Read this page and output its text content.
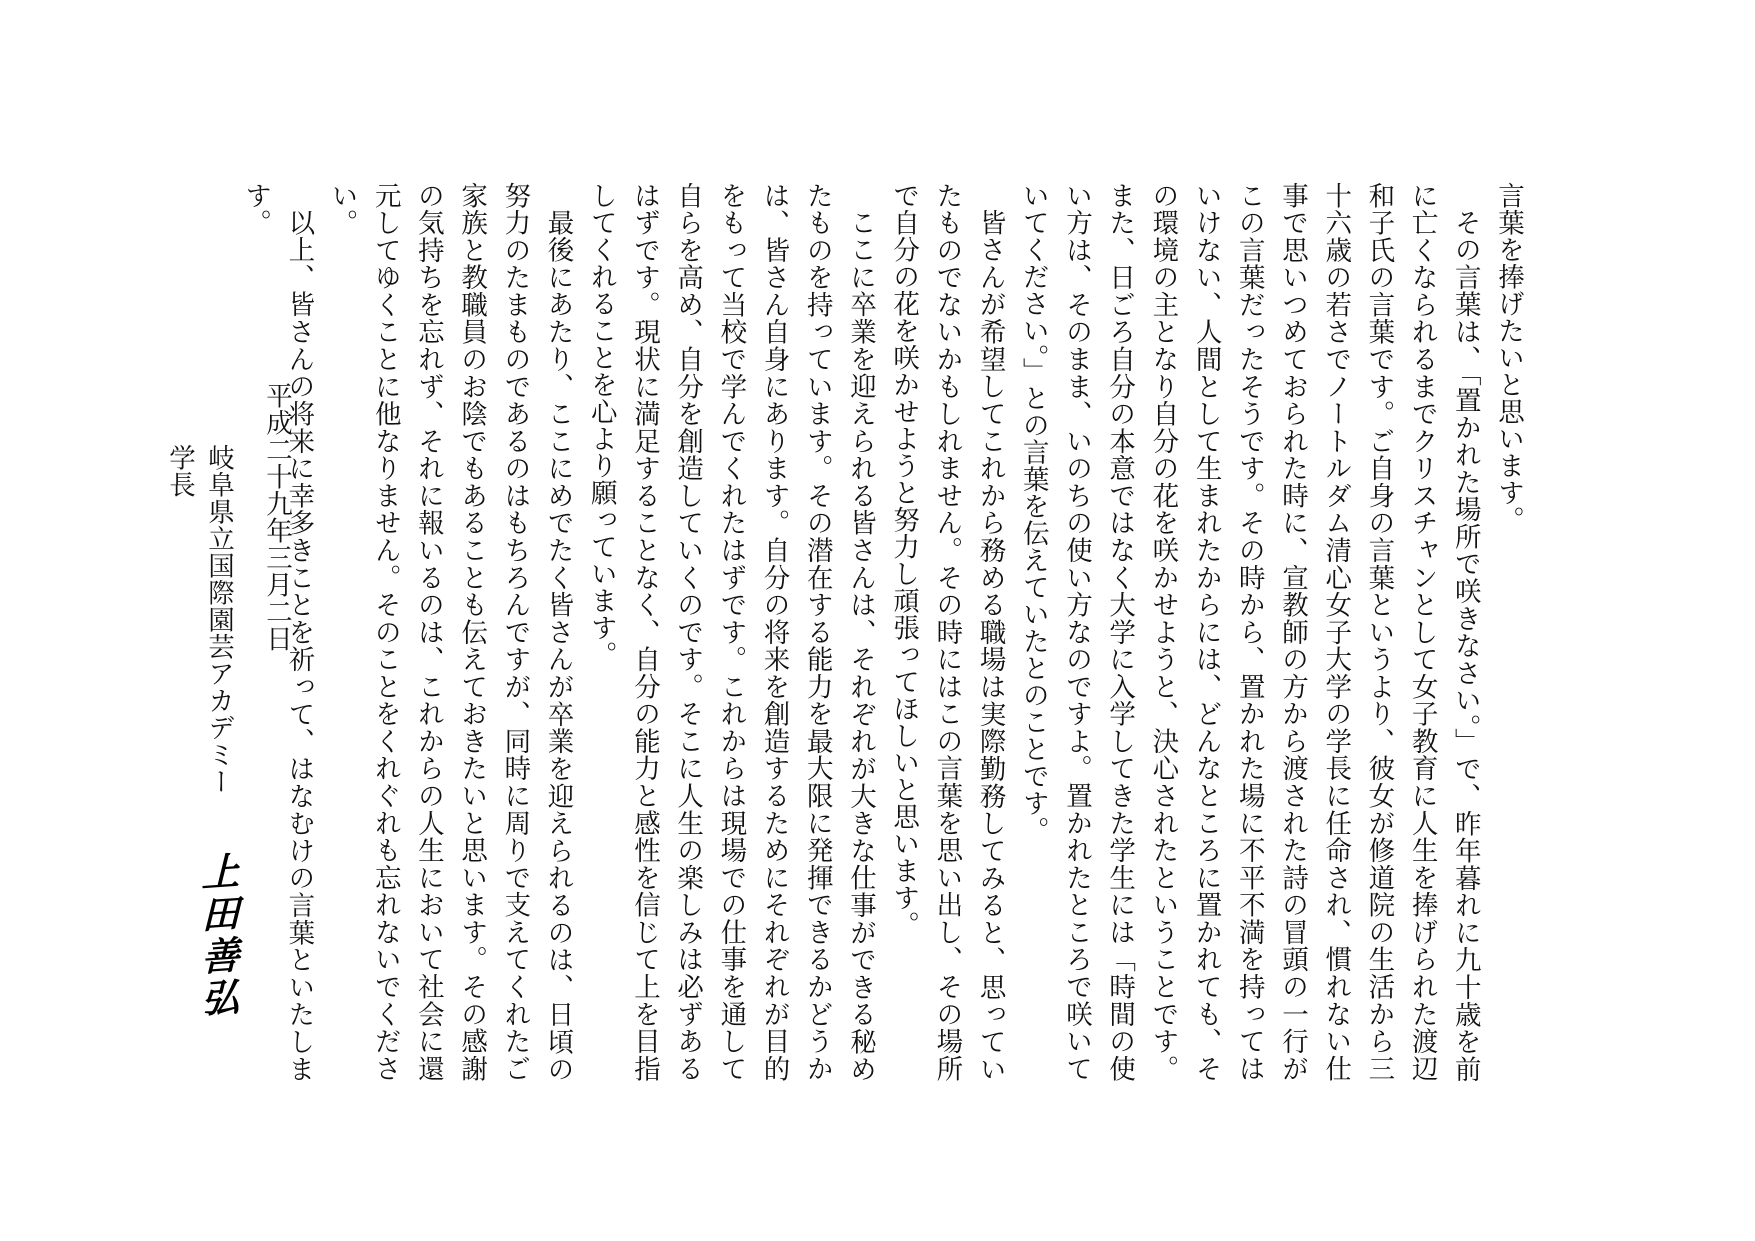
言葉を捧げたいと思います。

その言葉は、「置かれた場所で咲きなさい。」で、昨年暮れに九十歳を前に亡くなられるまでクリスチャンとして女子教育に人生を捧げられた渡辺和子氏の言葉です。ご自身の言葉というより、彼女が修道院の生活から三十六歳の若さでノートルダム清心女子大学の学長に任命され、慣れない仕事で思いつめておられた時に、宣教師の方から渡された詩の冒頭の一行がこの言葉だったそうです。その時から、置かれた場に不平不満を持ってはいけない、人間として生まれたからには、どんなところに置かれても、その環境の主となり自分の花を咲かせようと、決心されたということです。また、日ごろ自分の本意ではなく大学に入学してきた学生には「時間の使い方は、そのまま、いのちの使い方なのですよ。置かれたところで咲いていてください。」との言葉を伝えていたとのことです。

皆さんが希望してこれから務める職場は実際勤務してみると、思っていたものでないかもしれません。その時にはこの言葉を思い出し、その場所で自分の花を咲かせようと努力し頑張ってほしいと思います。

ここに卒業を迎えられる皆さんは、それぞれが大きな仕事ができる秘めたものを持っています。その潜在する能力を最大限に発揮できるかどうかは、皆さん自身にあります。自分の将来を創造するためにそれぞれが目的をもって当校で学んでくれたはずです。これからは現場での仕事を通して自らを高め、自分を創造していくのです。そこに人生の楽しみは必ずあるはずです。現状に満足することなく、自分の能力と感性を信じて上を目指してくれることを心より願っています。

最後にあたり、ここにめでたく皆さんが卒業を迎えられるのは、日頃の努力のたまものであるのはもちろんですが、同時に周りで支えてくれたご家族と教職員のお陰でもあることも伝えておきたいと思います。その感謝の気持ちを忘れず、それに報いるのは、これからの人生において社会に還元してゆくことに他なりません。そのことをくれぐれも忘れないでください。

以上、皆さんの将来に幸多きことを祈って、はなむけの言葉といたします。

平成二十九年三月二日
岐阜県立国際園芸アカデミー　学長
上田善弘
